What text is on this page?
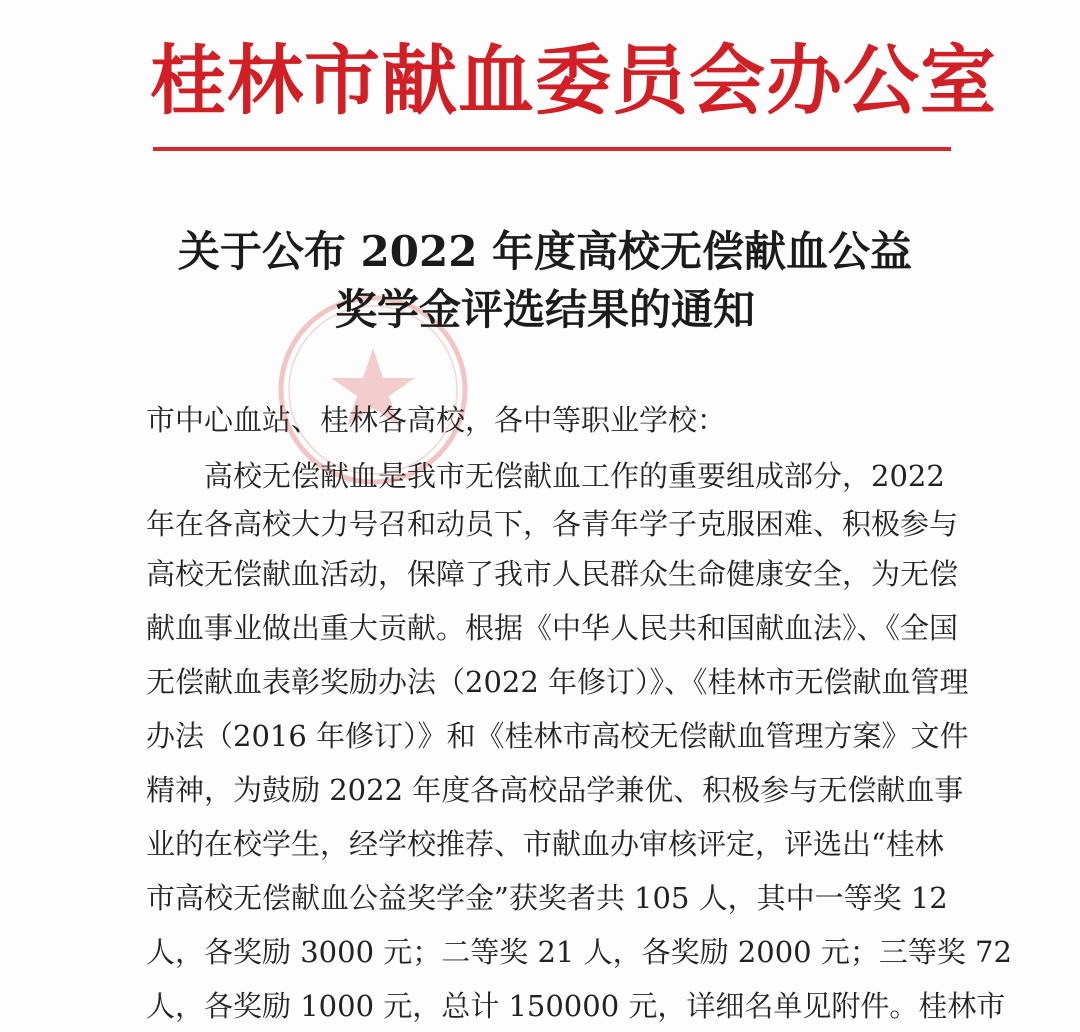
桂林市献血委员会办公室
关于公布 2022 年度高校无偿献血公益
奖学金评选结果的通知
市中心血站、桂林各高校，各中等职业学校：
高校无偿献血是我市无偿献血工作的重要组成部分，2022
年在各高校大力号召和动员下，各青年学子克服困难、积极参与
高校无偿献血活动，保障了我市人民群众生命健康安全，为无偿
献血事业做出重大贡献。根据《中华人民共和国献血法》、《全国
无偿献血表彰奖励办法（2022 年修订）》、《桂林市无偿献血管理
办法（2016 年修订）》和《桂林市高校无偿献血管理方案》文件
精神，为鼓励 2022 年度各高校品学兼优、积极参与无偿献血事
业的在校学生，经学校推荐、市献血办审核评定，评选出“桂林
市高校无偿献血公益奖学金”获奖者共 105 人，其中一等奖 12
人，各奖励 3000 元；二等奖 21 人，各奖励 2000 元；三等奖 72
人，各奖励 1000 元，总计 150000 元，详细名单见附件。桂林市
